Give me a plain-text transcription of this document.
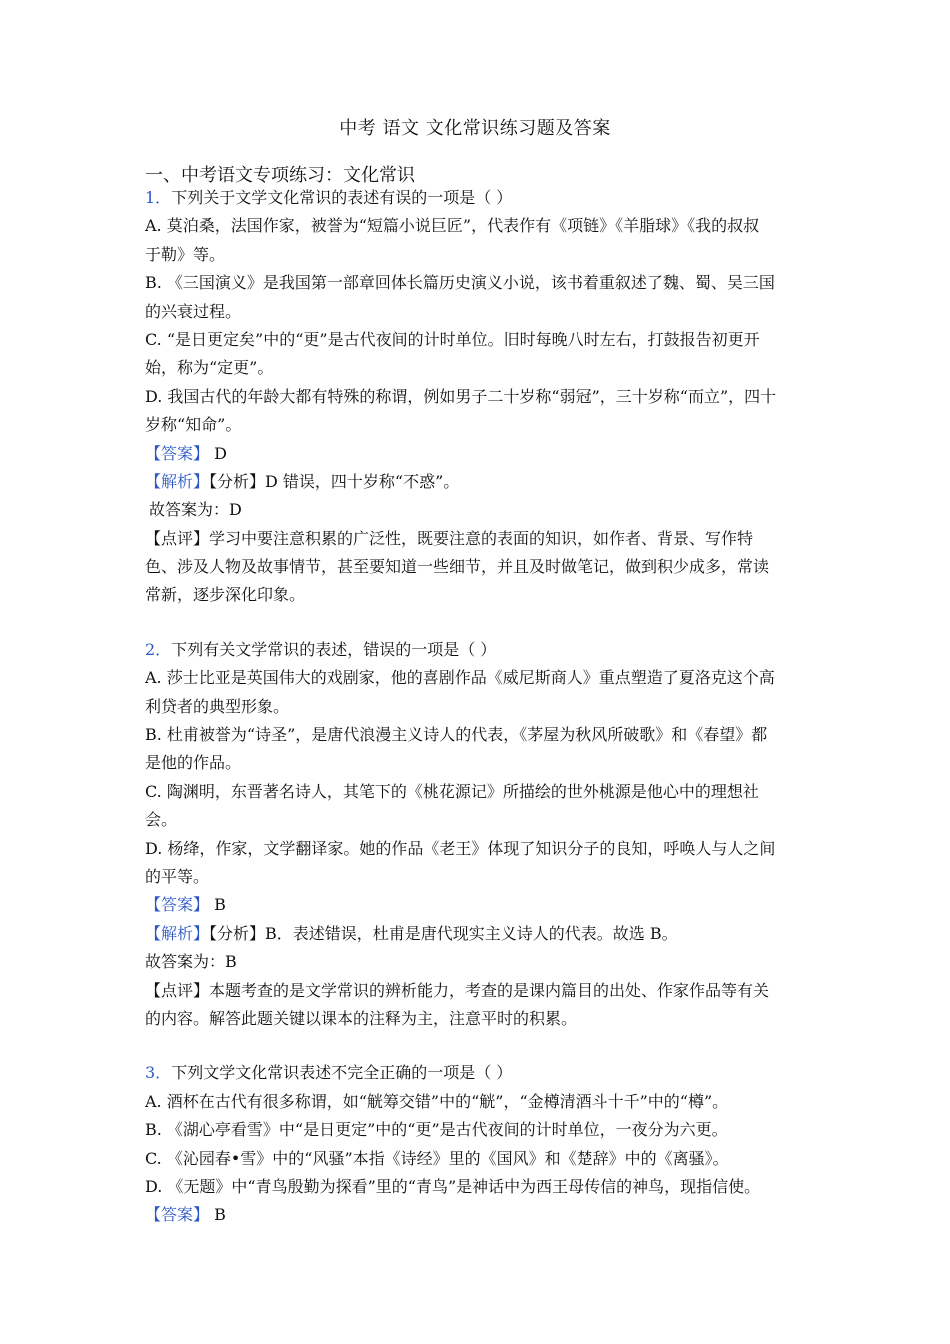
中考 语文 文化常识练习题及答案
一、中考语文专项练习：文化常识
1．下列关于文学文化常识的表述有误的一项是（ ）
A. 莫泊桑，法国作家，被誉为“短篇小说巨匠”，代表作有《项链》《羊脂球》《我的叔叔
于勒》等。
B. 《三国演义》是我国第一部章回体长篇历史演义小说，该书着重叙述了魏、蜀、吴三国
的兴衰过程。
C. “是日更定矣”中的“更”是古代夜间的计时单位。旧时每晚八时左右，打鼓报告初更开
始，称为“定更”。
D. 我国古代的年龄大都有特殊的称谓，例如男子二十岁称“弱冠”，三十岁称“而立”，四十
岁称“知命”。
【答案】 D
【解析】【分析】D 错误，四十岁称“不惑”。
故答案为：D
【点评】学习中要注意积累的广泛性，既要注意的表面的知识，如作者、背景、写作特
色、涉及人物及故事情节，甚至要知道一些细节，并且及时做笔记，做到积少成多，常读
常新，逐步深化印象。
2．下列有关文学常识的表述，错误的一项是（ ）
A. 莎士比亚是英国伟大的戏剧家，他的喜剧作品《威尼斯商人》重点塑造了夏洛克这个高
利贷者的典型形象。
B. 杜甫被誉为“诗圣”，是唐代浪漫主义诗人的代表，《茅屋为秋风所破歌》和《春望》都
是他的作品。
C. 陶渊明，东晋著名诗人，其笔下的《桃花源记》所描绘的世外桃源是他心中的理想社
会。
D. 杨绛，作家，文学翻译家。她的作品《老王》体现了知识分子的良知，呼唤人与人之间
的平等。
【答案】 B
【解析】【分析】B．表述错误，杜甫是唐代现实主义诗人的代表。故选 B。
故答案为：B
【点评】本题考查的是文学常识的辨析能力，考查的是课内篇目的出处、作家作品等有关
的内容。解答此题关键以课本的注释为主，注意平时的积累。
3．下列文学文化常识表述不完全正确的一项是（ ）
A. 酒杯在古代有很多称谓，如“觥筹交错”中的“觥”，“金樽清酒斗十千”中的“樽”。
B. 《湖心亭看雪》中“是日更定”中的“更”是古代夜间的计时单位，一夜分为六更。
C. 《沁园春•雪》中的“风骚”本指《诗经》里的《国风》和《楚辞》中的《离骚》。
D. 《无题》中“青鸟殷勤为探看”里的“青鸟”是神话中为西王母传信的神鸟，现指信使。
【答案】 B
